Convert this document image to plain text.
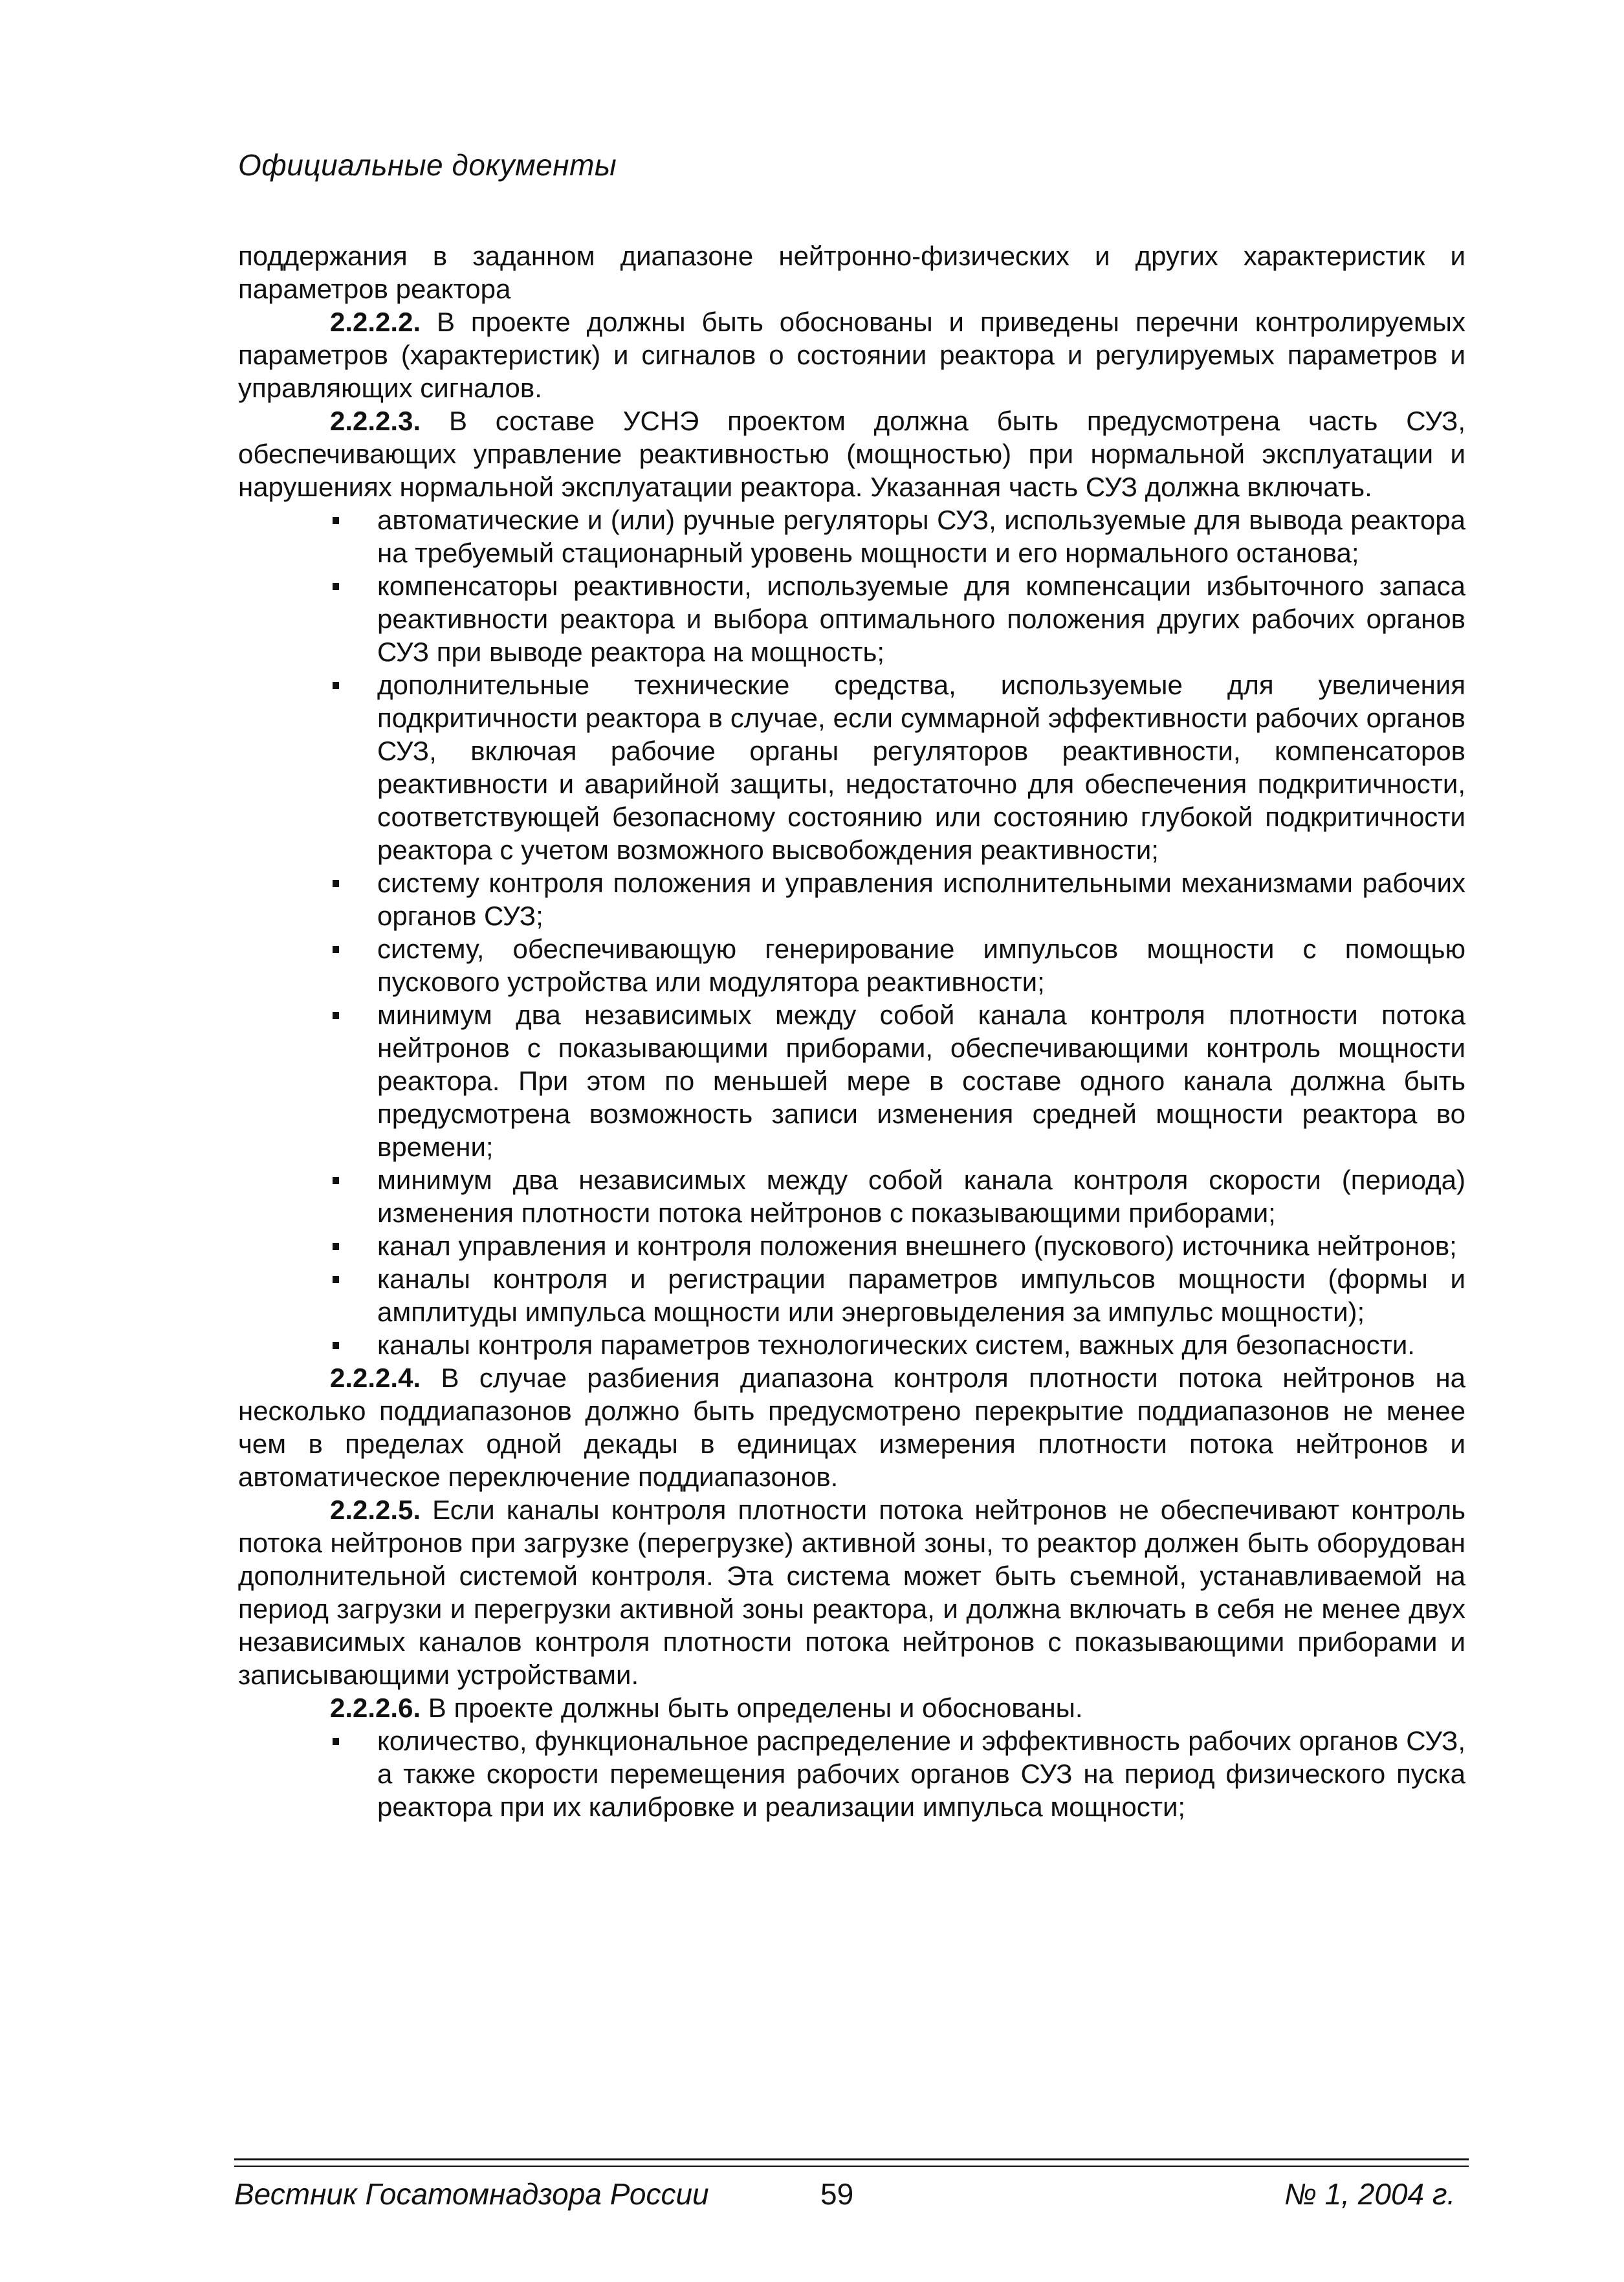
Официальные документы

поддержания в заданном диапазоне нейтронно-физических и других характеристик и параметров реактора

2.2.2.2. В проекте должны быть обоснованы и приведены перечни контролируемых параметров (характеристик) и сигналов о состоянии реактора и регулируемых параметров и управляющих сигналов.

2.2.2.3. В составе УСНЭ проектом должна быть предусмотрена часть СУЗ, обеспечивающих управление реактивностью (мощностью) при нормальной эксплуатации и нарушениях нормальной эксплуатации реактора. Указанная часть СУЗ должна включать.

автоматические и (или) ручные регуляторы СУЗ, используемые для вывода реактора на требуемый стационарный уровень мощности и его нормального останова;
компенсаторы реактивности, используемые для компенсации избыточного запаса реактивности реактора и выбора оптимального положения других рабочих органов СУЗ при выводе реактора на мощность;
дополнительные технические средства, используемые для увеличения подкритичности реактора в случае, если суммарной эффективности рабочих органов СУЗ, включая рабочие органы регуляторов реактивности, компенсаторов реактивности и аварийной защиты, недостаточно для обеспечения подкритичности, соответствующей безопасному состоянию или состоянию глубокой подкритичности реактора с учетом возможного высвобождения реактивности;
систему контроля положения и управления исполнительными механизмами рабочих органов СУЗ;
систему, обеспечивающую генерирование импульсов мощности с помощью пускового устройства или модулятора реактивности;
минимум два независимых между собой канала контроля плотности потока нейтронов с показывающими приборами, обеспечивающими контроль мощности реактора. При этом по меньшей мере в составе одного канала должна быть предусмотрена возможность записи изменения средней мощности реактора во времени;
минимум два независимых между собой канала контроля скорости (периода) изменения плотности потока нейтронов с показывающими приборами;
канал управления и контроля положения внешнего (пускового) источника нейтронов;
каналы контроля и регистрации параметров импульсов мощности (формы и амплитуды импульса мощности или энерговыделения за импульс мощности);
каналы контроля параметров технологических систем, важных для безопасности.

2.2.2.4. В случае разбиения диапазона контроля плотности потока нейтронов на несколько поддиапазонов должно быть предусмотрено перекрытие поддиапазонов не менее чем в пределах одной декады в единицах измерения плотности потока нейтронов и автоматическое переключение поддиапазонов.

2.2.2.5. Если каналы контроля плотности потока нейтронов не обеспечивают контроль потока нейтронов при загрузке (перегрузке) активной зоны, то реактор должен быть оборудован дополнительной системой контроля. Эта система может быть съемной, устанавливаемой на период загрузки и перегрузки активной зоны реактора, и должна включать в себя не менее двух независимых каналов контроля плотности потока нейтронов с показывающими приборами и записывающими устройствами.

2.2.2.6. В проекте должны быть определены и обоснованы.

количество, функциональное распределение и эффективность рабочих органов СУЗ, а также скорости перемещения рабочих органов СУЗ на период физического пуска реактора при их калибровке и реализации импульса мощности;
Вестник Госатомнадзора России	59	№ 1, 2004 г.
